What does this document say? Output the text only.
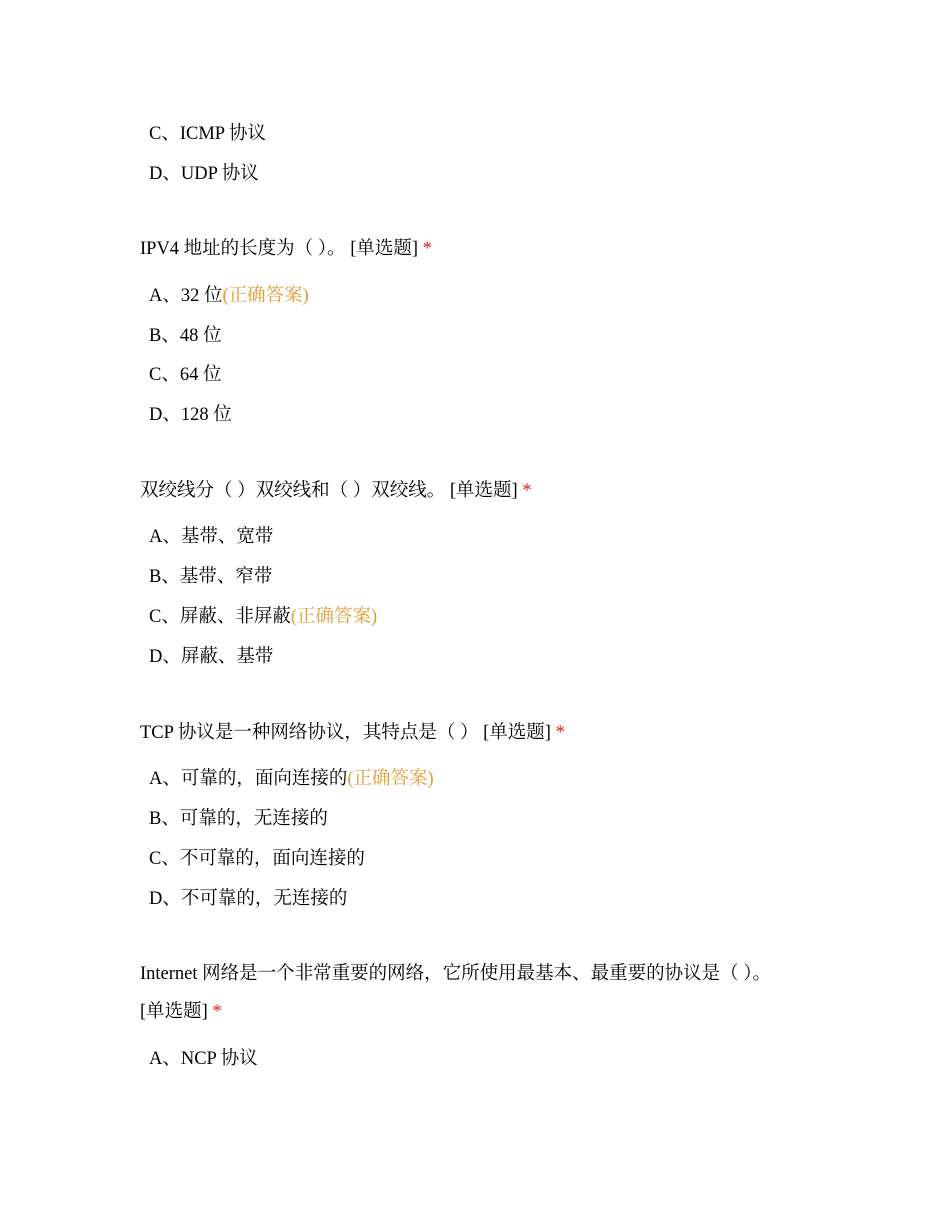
C、ICMP 协议
D、UDP 协议
IPV4 地址的长度为（ ）。 [单选题] *
A、32 位(正确答案)
B、48 位
C、64 位
D、128 位
双绞线分（ ）双绞线和（ ）双绞线。 [单选题] *
A、基带、宽带
B、基带、窄带
C、屏蔽、非屏蔽(正确答案)
D、屏蔽、基带
TCP 协议是一种网络协议，其特点是（ ） [单选题] *
A、可靠的，面向连接的(正确答案)
B、可靠的，无连接的
C、不可靠的，面向连接的
D、不可靠的，无连接的
Internet 网络是一个非常重要的网络，它所使用最基本、最重要的协议是（ ）。
[单选题] *
A、NCP 协议
